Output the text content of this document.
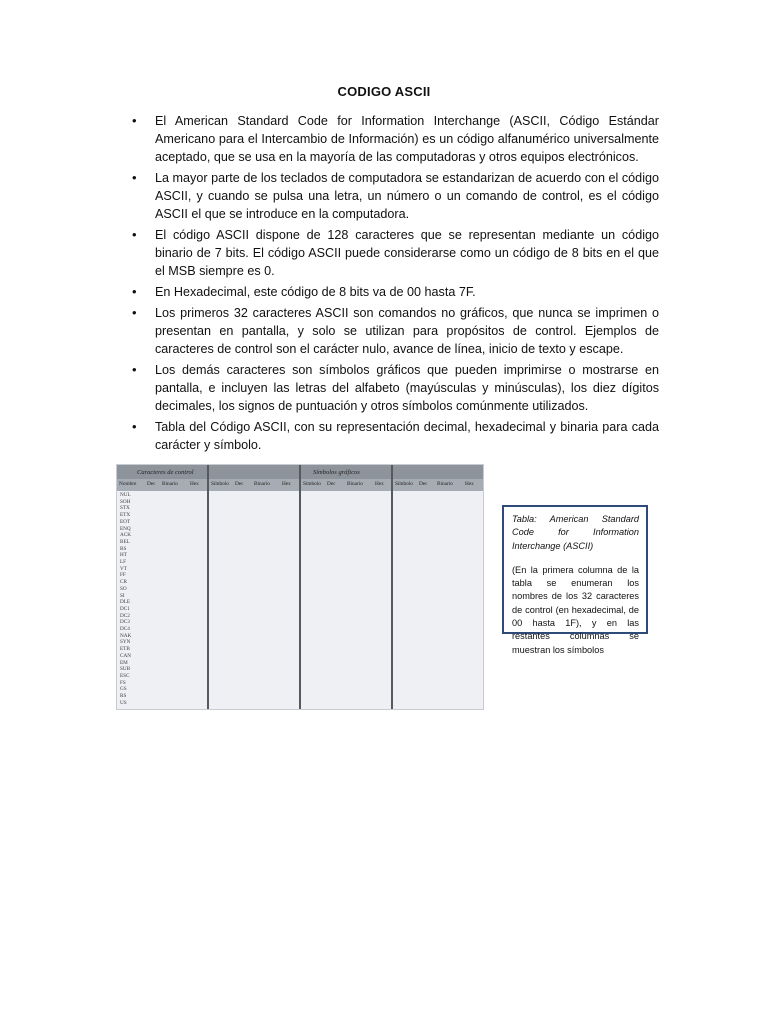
CODIGO ASCII
• El American Standard Code for Information Interchange (ASCII, Código Estándar Americano para el Intercambio de Información) es un código alfanumérico universalmente aceptado, que se usa en la mayoría de las computadoras y otros equipos electrónicos.
• La mayor parte de los teclados de computadora se estandarizan de acuerdo con el código ASCII, y cuando se pulsa una letra, un número o un comando de control, es el código ASCII el que se introduce en la computadora.
• El código ASCII dispone de 128 caracteres que se representan mediante un código binario de 7 bits. El código ASCII puede considerarse como un código de 8 bits en el que el MSB siempre es 0.
• En Hexadecimal, este código de 8 bits va de 00 hasta 7F.
• Los primeros 32 caracteres ASCII son comandos no gráficos, que nunca se imprimen o presentan en pantalla, y solo se utilizan para propósitos de control. Ejemplos de caracteres de control son el carácter nulo, avance de línea, inicio de texto y escape.
• Los demás caracteres son símbolos gráficos que pueden imprimirse o mostrarse en pantalla, e incluyen las letras del alfabeto (mayúsculas y minúsculas), los diez dígitos decimales, los signos de puntuación y otros símbolos comúnmente utilizados.
• Tabla del Código ASCII, con su representación decimal, hexadecimal y binaria para cada carácter y símbolo.
Caracteres de control	Símbolos gráficos
Nombre Dec Binario Hex Símbolo Dec Binario Hex Símbolo Dec Binario Hex Símbolo Dec Binario Hex
NUL
SOH
STX
ETX
EOT
ENQ
ACK
BEL
BS
HT
LF
VT
FF
CR
SO
SI
DLE
DC1
DC2
DC3
DC4
NAK
SYN
ETB
CAN
EM
SUB
ESC
FS
GS
RS
US
Tabla: American Standard Code for Information Interchange (ASCII)
(En la primera columna de la tabla se enumeran los nombres de los 32 caracteres de control (en hexadecimal, de 00 hasta 1F), y en las restantes columnas se muestran los símbolos
